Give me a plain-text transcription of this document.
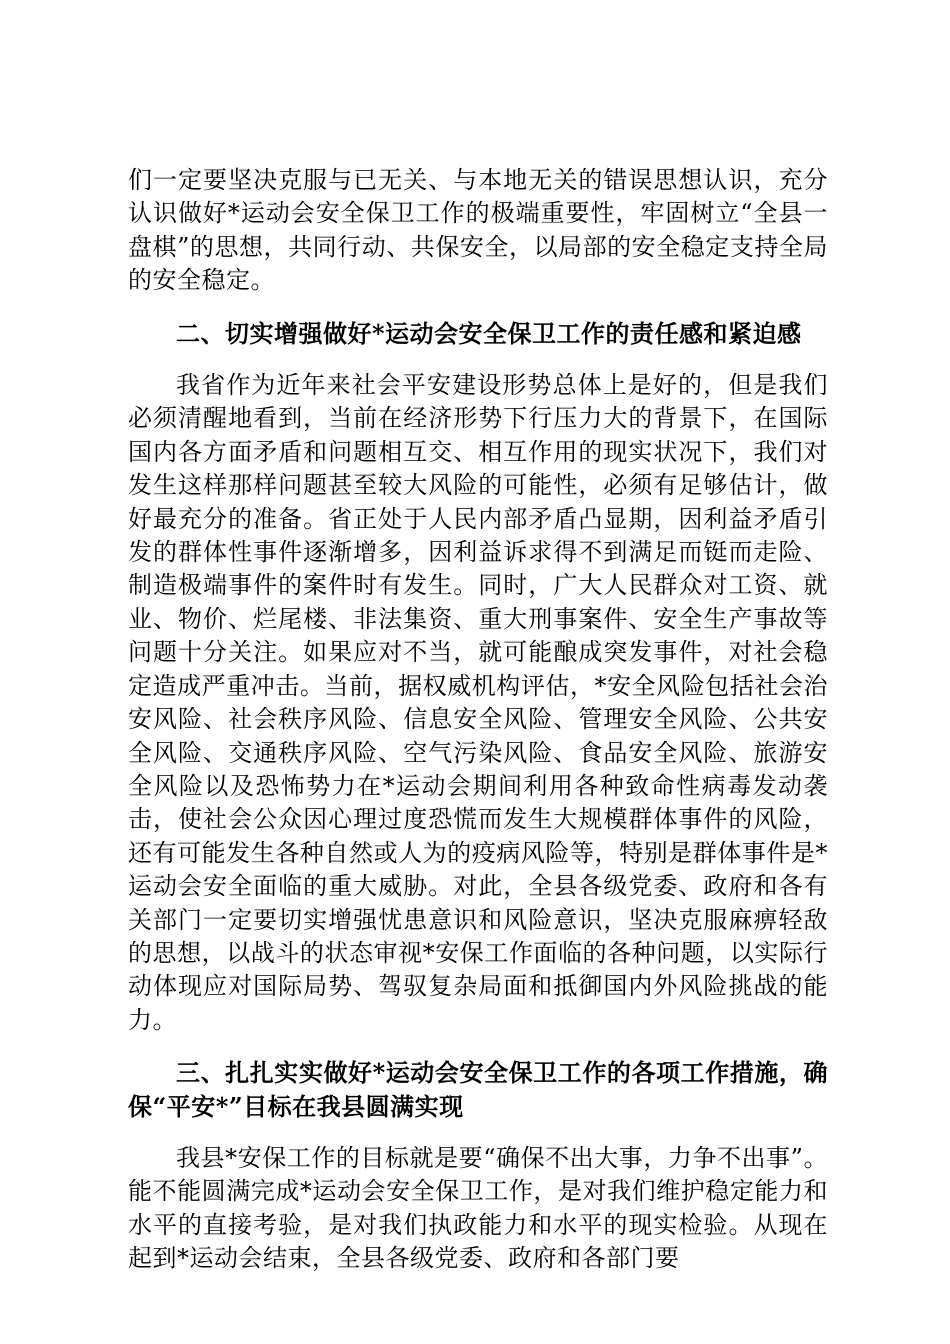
们一定要坚决克服与已无关、与本地无关的错误思想认识，充分认识做好*运动会安全保卫工作的极端重要性，牢固树立“全县一盘棋”的思想，共同行动、共保安全，以局部的安全稳定支持全局的安全稳定。

二、切实增强做好*运动会安全保卫工作的责任感和紧迫感

我省作为近年来社会平安建设形势总体上是好的，但是我们必须清醒地看到，当前在经济形势下行压力大的背景下，在国际国内各方面矛盾和问题相互交、相互作用的现实状况下，我们对发生这样那样问题甚至较大风险的可能性，必须有足够估计，做好最充分的准备。省正处于人民内部矛盾凸显期，因利益矛盾引发的群体性事件逐渐增多，因利益诉求得不到满足而铤而走险、制造极端事件的案件时有发生。同时，广大人民群众对工资、就业、物价、烂尾楼、非法集资、重大刑事案件、安全生产事故等问题十分关注。如果应对不当，就可能酿成突发事件，对社会稳定造成严重冲击。当前，据权威机构评估，*安全风险包括社会治安风险、社会秩序风险、信息安全风险、管理安全风险、公共安全风险、交通秩序风险、空气污染风险、食品安全风险、旅游安全风险以及恐怖势力在*运动会期间利用各种致命性病毒发动袭击，使社会公众因心理过度恐慌而发生大规模群体事件的风险，还有可能发生各种自然或人为的疫病风险等，特别是群体事件是*运动会安全面临的重大威胁。对此，全县各级党委、政府和各有关部门一定要切实增强忧患意识和风险意识，坚决克服麻痹轻敌的思想，以战斗的状态审视*安保工作面临的各种问题，以实际行动体现应对国际局势、驾驭复杂局面和抵御国内外风险挑战的能力。

三、扎扎实实做好*运动会安全保卫工作的各项工作措施，确保“平安*”目标在我县圆满实现

我县*安保工作的目标就是要“确保不出大事，力争不出事”。能不能圆满完成*运动会安全保卫工作，是对我们维护稳定能力和水平的直接考验，是对我们执政能力和水平的现实检验。从现在起到*运动会结束，全县各级党委、政府和各部门要
